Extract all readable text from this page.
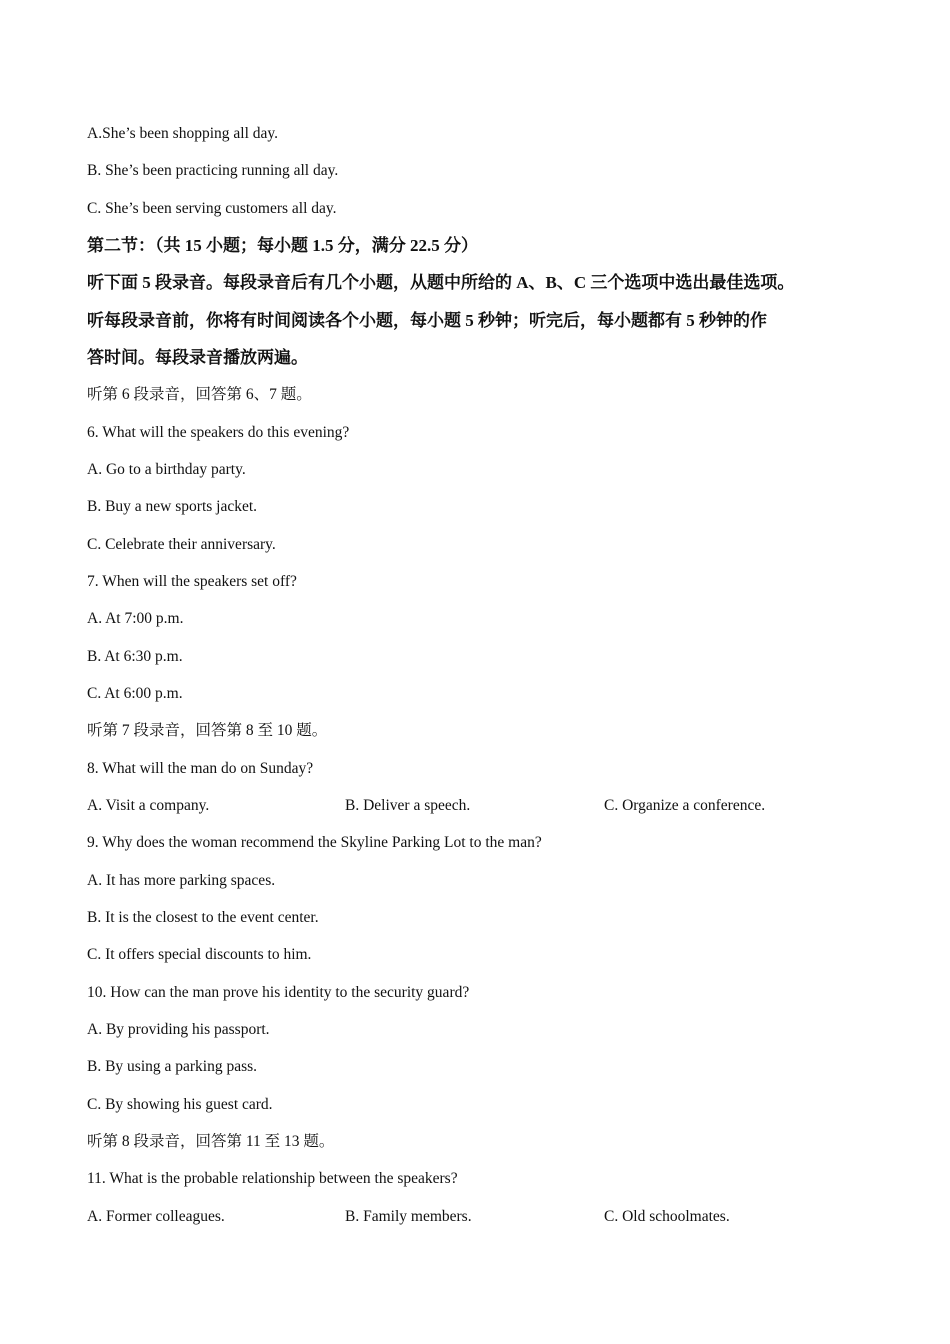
A.She’s been shopping all day.
B. She’s been practicing running all day.
C. She’s been serving customers all day.
第二节：（共 15 小题；每小题 1.5 分，满分 22.5 分）
听下面 5 段录音。每段录音后有几个小题，从题中所给的 A、B、C 三个选项中选出最佳选项。
听每段录音前，你将有时间阅读各个小题，每小题 5 秒钟；听完后，每小题都有 5 秒钟的作
答时间。每段录音播放两遍。
听第 6 段录音，回答第 6、7 题。
6. What will the speakers do this evening?
A. Go to a birthday party.
B. Buy a new sports jacket.
C. Celebrate their anniversary.
7. When will the speakers set off?
A. At 7:00 p.m.
B. At 6:30 p.m.
C. At 6:00 p.m.
听第 7 段录音，回答第 8 至 10 题。
8. What will the man do on Sunday?
A. Visit a company.	B. Deliver a speech.	C. Organize a conference.
9. Why does the woman recommend the Skyline Parking Lot to the man?
A. It has more parking spaces.
B. It is the closest to the event center.
C. It offers special discounts to him.
10. How can the man prove his identity to the security guard?
A. By providing his passport.
B. By using a parking pass.
C. By showing his guest card.
听第 8 段录音，回答第 11 至 13 题。
11. What is the probable relationship between the speakers?
A. Former colleagues.	B. Family members.	C. Old schoolmates.
